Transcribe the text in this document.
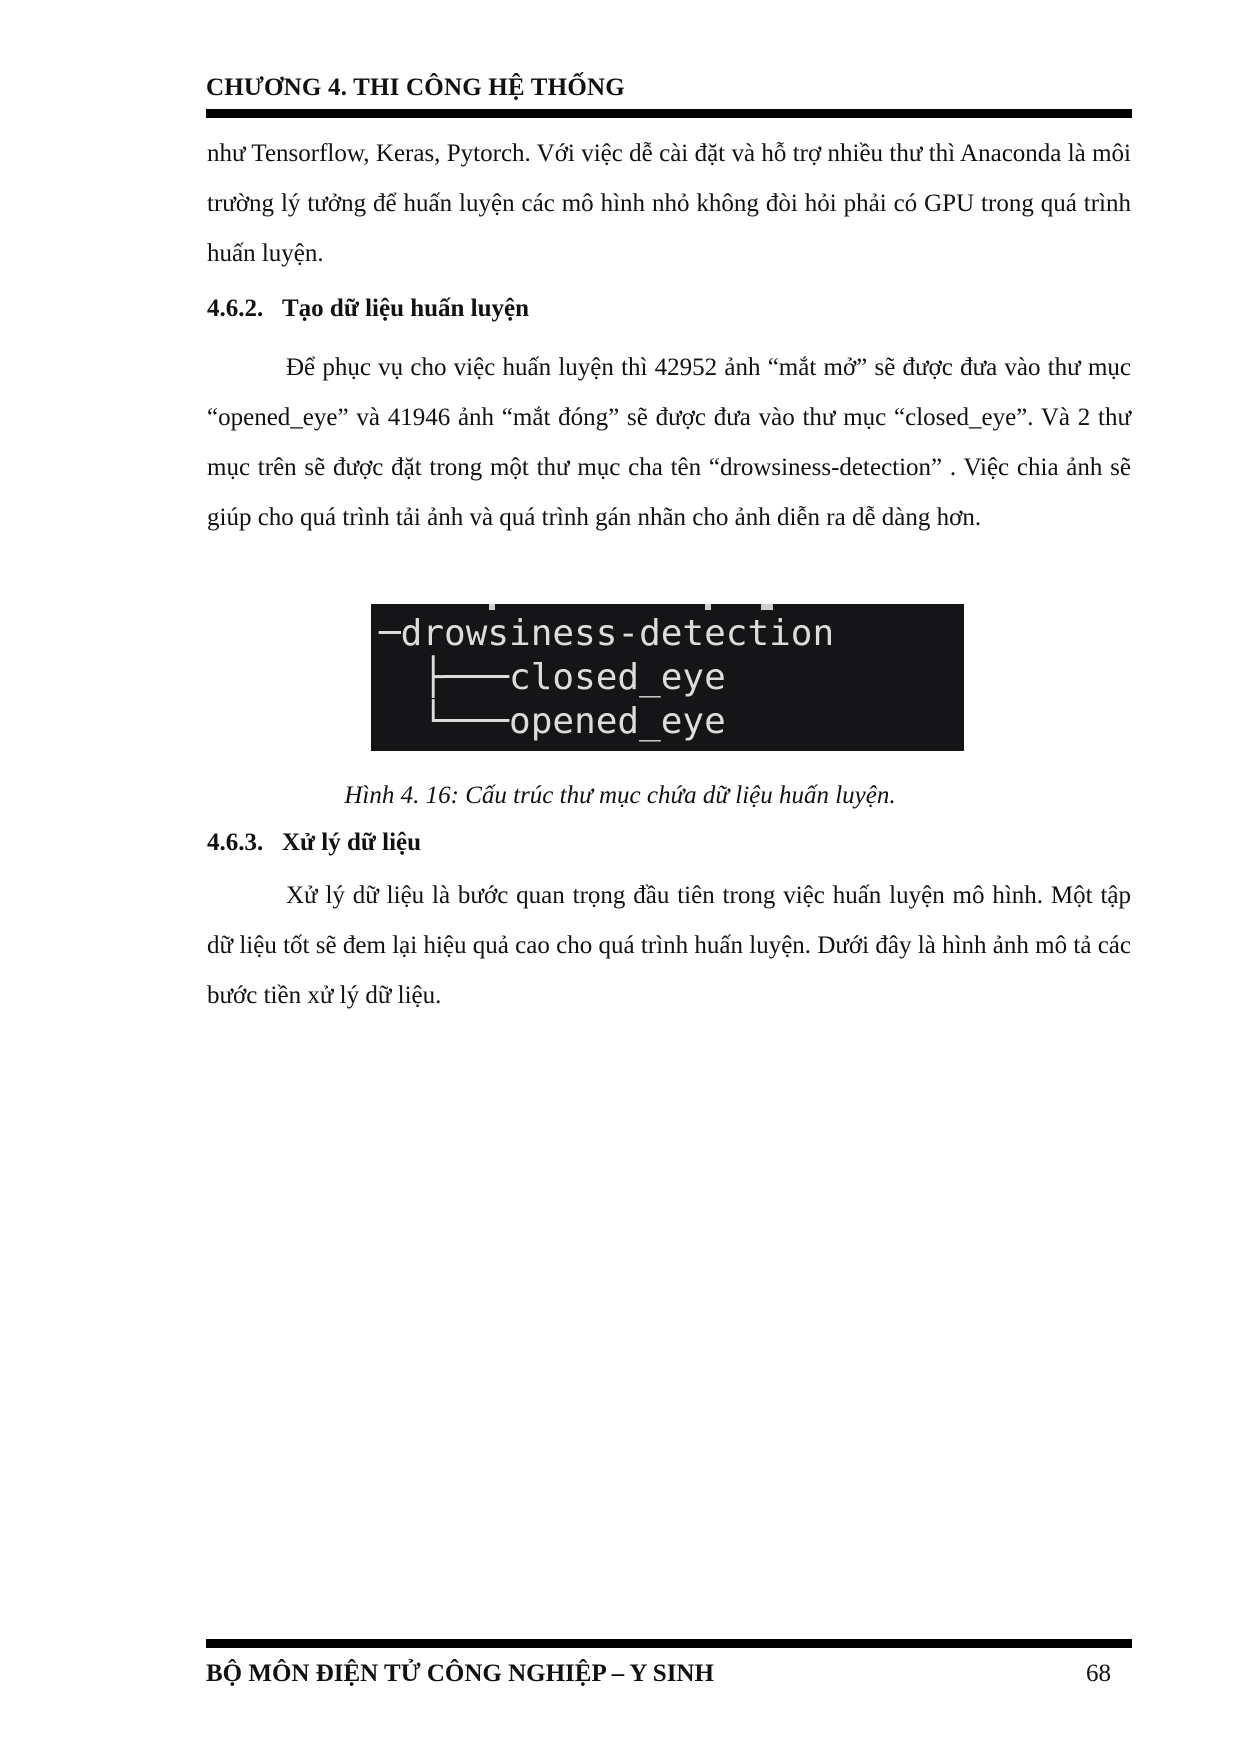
CHƯƠNG 4. THI CÔNG HỆ THỐNG

như Tensorflow, Keras, Pytorch. Với việc dễ cài đặt và hỗ trợ nhiều thư thì Anaconda là môi trường lý tưởng để huấn luyện các mô hình nhỏ không đòi hỏi phải có GPU trong quá trình huấn luyện.

4.6.2. Tạo dữ liệu huấn luyện

Để phục vụ cho việc huấn luyện thì 42952 ảnh “mắt mở” sẽ được đưa vào thư mục “opened_eye” và 41946 ảnh “mắt đóng” sẽ được đưa vào thư mục “closed_eye”. Và 2 thư mục trên sẽ được đặt trong một thư mục cha tên “drowsiness-detection” . Việc chia ảnh sẽ giúp cho quá trình tải ảnh và quá trình gán nhãn cho ảnh diễn ra dễ dàng hơn.

─drowsiness-detection
├───closed_eye
└───opened_eye
Hình 4. 16: Cấu trúc thư mục chứa dữ liệu huấn luyện.
4.6.3. Xử lý dữ liệu

Xử lý dữ liệu là bước quan trọng đầu tiên trong việc huấn luyện mô hình. Một tập dữ liệu tốt sẽ đem lại hiệu quả cao cho quá trình huấn luyện. Dưới đây là hình ảnh mô tả các bước tiền xử lý dữ liệu.

BỘ MÔN ĐIỆN TỬ CÔNG NGHIỆP – Y SINH	68
